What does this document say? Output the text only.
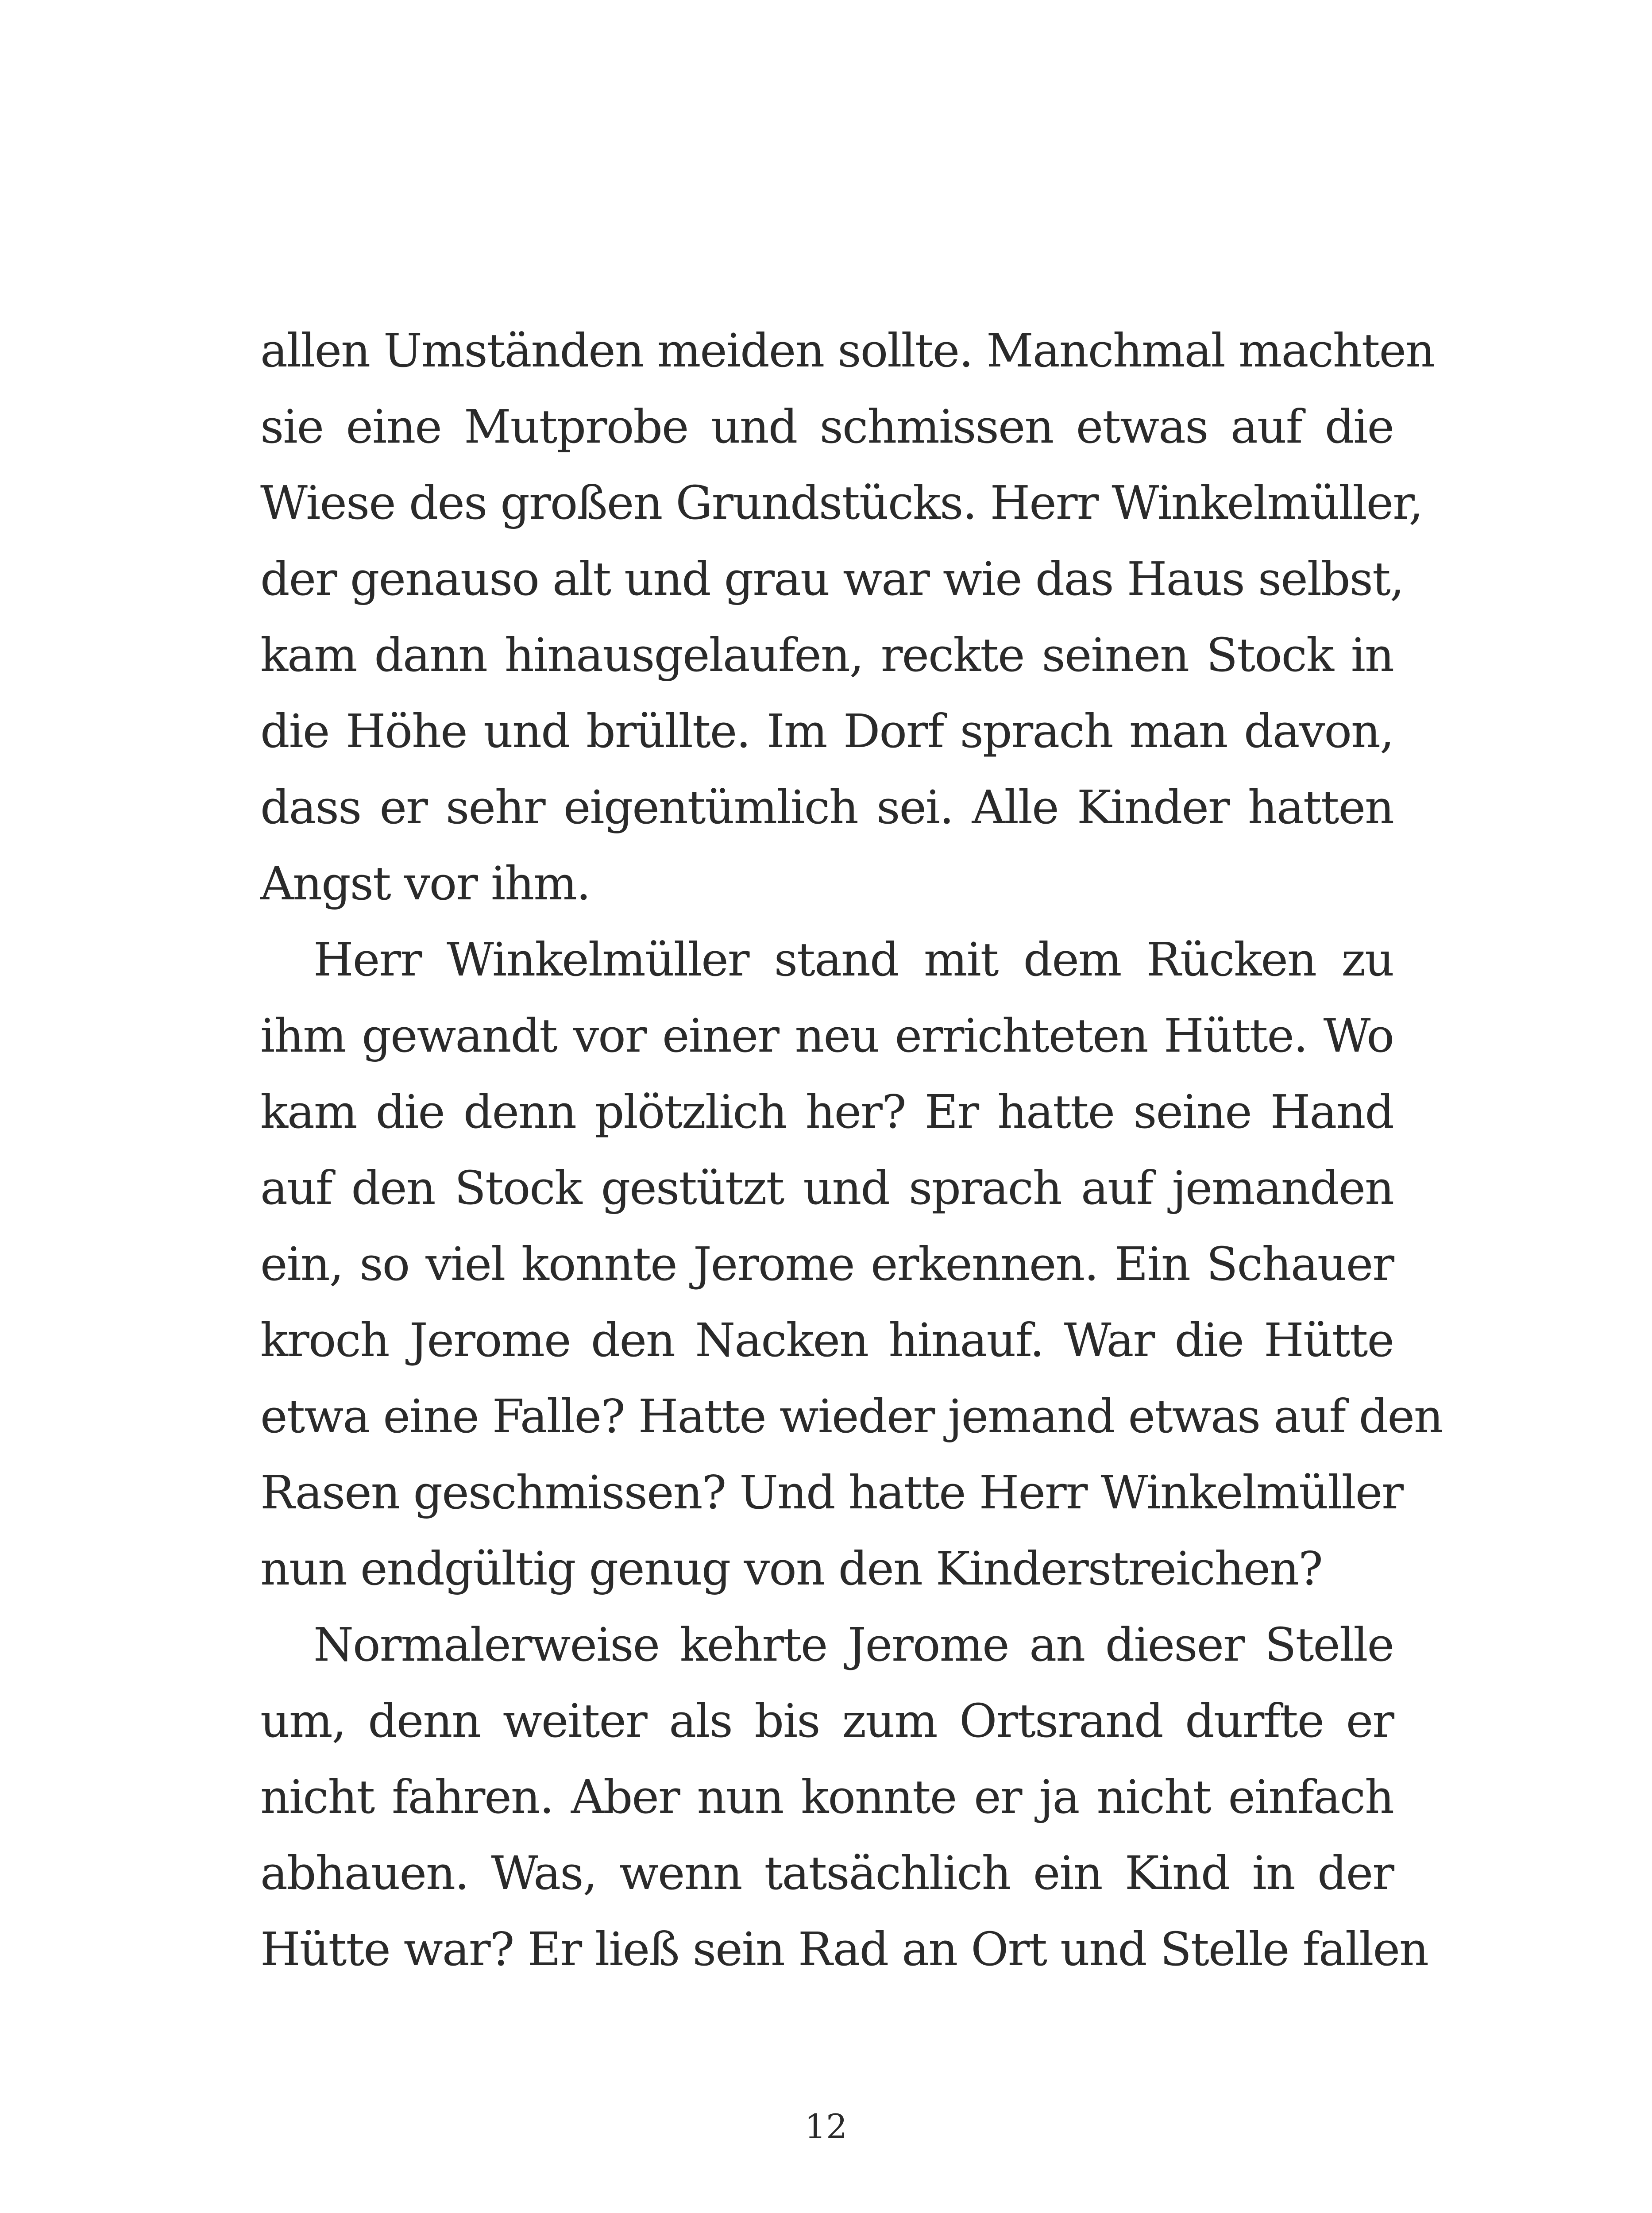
allen Umständen meiden sollte. Manchmal machten
sie eine Mutprobe und schmissen etwas auf die
Wiese des großen Grundstücks. Herr Winkelmüller,
der genauso alt und grau war wie das Haus selbst,
kam dann hinausgelaufen, reckte seinen Stock in
die Höhe und brüllte. Im Dorf sprach man davon,
dass er sehr eigentümlich sei. Alle Kinder hatten
Angst vor ihm.
Herr Winkelmüller stand mit dem Rücken zu
ihm gewandt vor einer neu errichteten Hütte. Wo
kam die denn plötzlich her? Er hatte seine Hand
auf den Stock gestützt und sprach auf jemanden
ein, so viel konnte Jerome erkennen. Ein Schauer
kroch Jerome den Nacken hinauf. War die Hütte
etwa eine Falle? Hatte wieder jemand etwas auf den
Rasen geschmissen? Und hatte Herr Winkelmüller
nun endgültig genug von den Kinderstreichen?
Normalerweise kehrte Jerome an dieser Stelle
um, denn weiter als bis zum Ortsrand durfte er
nicht fahren. Aber nun konnte er ja nicht einfach
abhauen. Was, wenn tatsächlich ein Kind in der
Hütte war? Er ließ sein Rad an Ort und Stelle fallen
12
